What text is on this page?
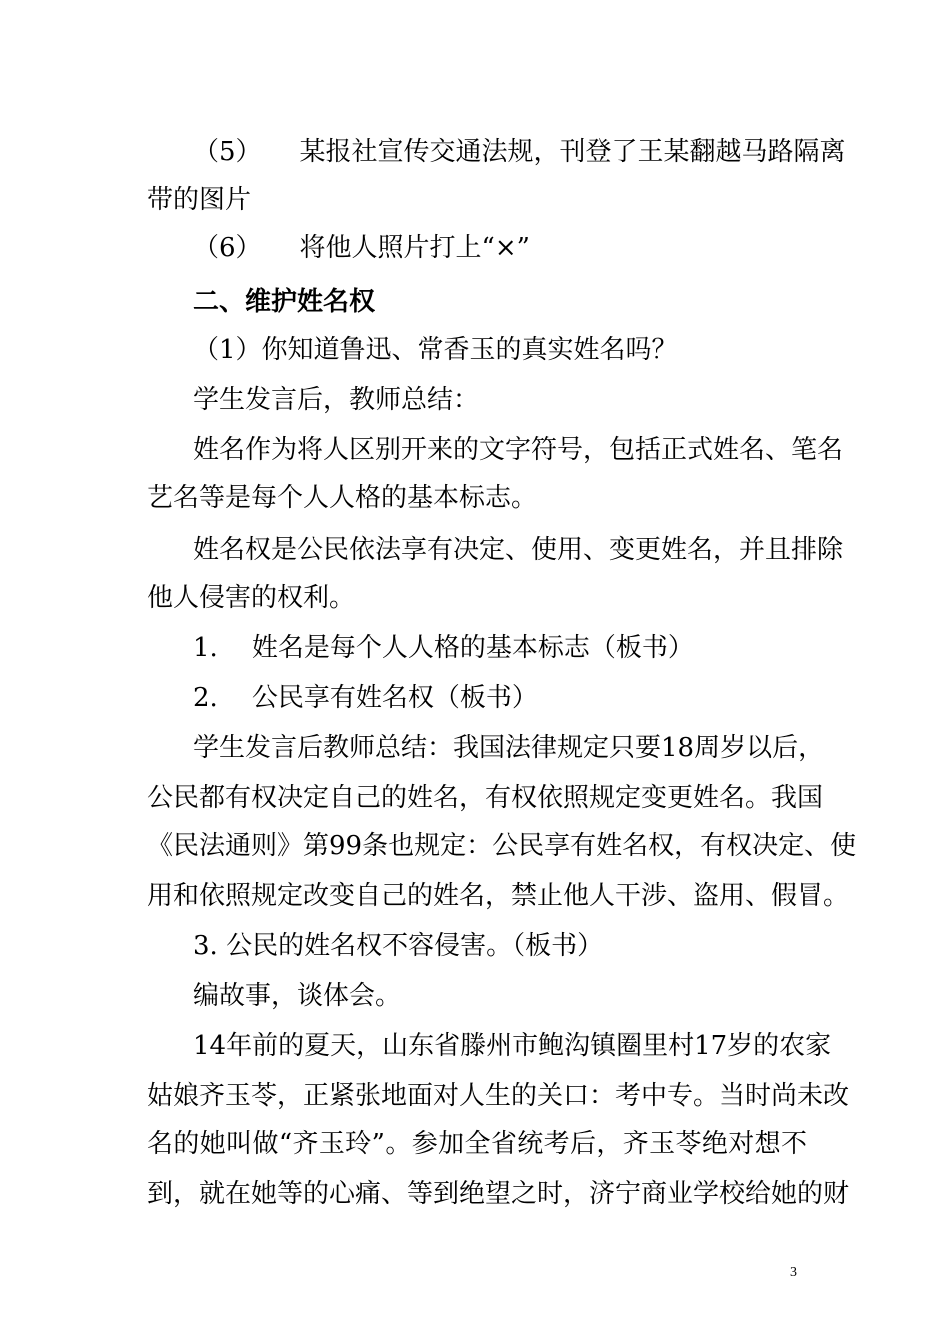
（5） 某报社宣传交通法规，刊登了王某翻越马路隔离
带的图片
（6） 将他人照片打上“×”
二、维护姓名权
（1）你知道鲁迅、常香玉的真实姓名吗？
学生发言后，教师总结：
姓名作为将人区别开来的文字符号，包括正式姓名、笔名
艺名等是每个人人格的基本标志。
姓名权是公民依法享有决定、使用、变更姓名，并且排除
他人侵害的权利。
1. 姓名是每个人人格的基本标志（板书）
2. 公民享有姓名权（板书）
学生发言后教师总结：我国法律规定只要18周岁以后，
公民都有权决定自己的姓名，有权依照规定变更姓名。我国
《民法通则》第99条也规定：公民享有姓名权，有权决定、使
用和依照规定改变自己的姓名，禁止他人干涉、盗用、假冒。
3. 公民的姓名权不容侵害。（板书）
编故事，谈体会。
14年前的夏天，山东省滕州市鲍沟镇圈里村17岁的农家
姑娘齐玉苓，正紧张地面对人生的关口：考中专。当时尚未改
名的她叫做“齐玉玲”。参加全省统考后，齐玉苓绝对想不
到，就在她等的心痛、等到绝望之时，济宁商业学校给她的财
3
